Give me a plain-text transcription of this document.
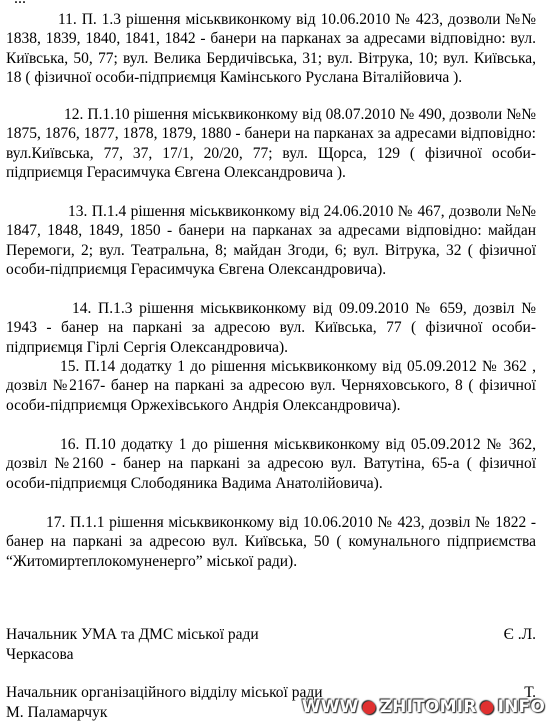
11. П. 1.3 рішення міськвиконкому від 10.06.2010 № 423, дозволи №№ 1838, 1839, 1840, 1841, 1842 - банери на парканах за адресами відповідно: вул. Київська, 50, 77; вул. Велика Бердичівська, 31; вул. Вітрука, 10; вул. Київська, 18 ( фізичної особи-підприємця Камінського Руслана Віталійовича ).

12. П.1.10 рішення міськвиконкому від 08.07.2010 № 490, дозволи №№ 1875, 1876, 1877, 1878, 1879, 1880 - банери на парканах за адресами відповідно: вул.Київська, 77, 37, 17/1, 20/20, 77; вул. Щорса, 129 ( фізичної особи-підприємця Герасимчука Євгена Олександровича ).

13. П.1.4 рішення міськвиконкому від 24.06.2010 № 467, дозволи №№ 1847, 1848, 1849, 1850 - банери на парканах за адресами відповідно: майдан Перемоги, 2; вул. Театральна, 8; майдан Згоди, 6; вул. Вітрука, 32 ( фізичної особи-підприємця Герасимчука Євгена Олександровича).

14. П.1.3 рішення міськвиконкому від 09.09.2010 № 659, дозвіл № 1943 - банер на паркані за адресою вул. Київська, 77 ( фізичної особи-підприємця Гірлі Сергія Олександровича).

15. П.14 додатку 1 до рішення міськвиконкому від 05.09.2012 № 362 , дозвіл №2167- банер на паркані за адресою вул. Черняховського, 8 ( фізичної особи-підприємця Оржехівського Андрія Олександровича).

16. П.10 додатку 1 до рішення міськвиконкому від 05.09.2012 № 362, дозвіл №2160 - банер на паркані за адресою вул. Ватутіна, 65-а ( фізичної особи-підприємця Слободяника Вадима Анатолійовича).

17. П.1.1 рішення міськвиконкому від 10.06.2010 № 423, дозвіл № 1822 - банер на паркані за адресою вул. Київська, 50 ( комунального підприємства “Житомиртеплокомуненерго” міської ради).

Начальник УМА та ДМС міської ради	Є .Л.
Черкасова
Начальник організаційного відділу міської ради	Т.
М. Паламарчук	WWW ● ZHITOMIR ● INFO
